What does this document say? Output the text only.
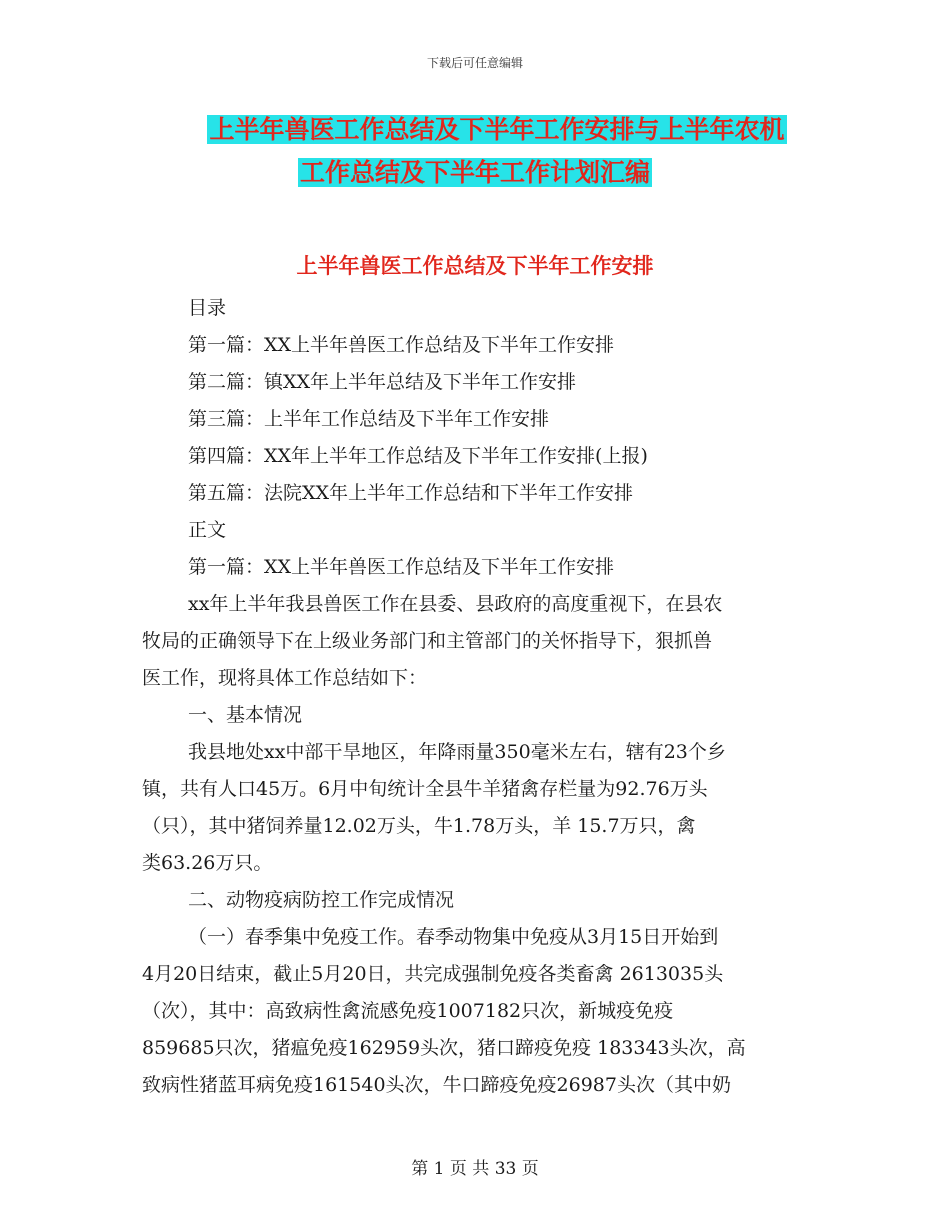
下载后可任意编辑
上半年兽医工作总结及下半年工作安排与上半年农机
工作总结及下半年工作计划汇编
上半年兽医工作总结及下半年工作安排
目录
第一篇：XX上半年兽医工作总结及下半年工作安排
第二篇：镇XX年上半年总结及下半年工作安排
第三篇：上半年工作总结及下半年工作安排
第四篇：XX年上半年工作总结及下半年工作安排(上报)
第五篇：法院XX年上半年工作总结和下半年工作安排
正文
第一篇：XX上半年兽医工作总结及下半年工作安排
xx年上半年我县兽医工作在县委、县政府的高度重视下，在县农
牧局的正确领导下在上级业务部门和主管部门的关怀指导下，狠抓兽
医工作，现将具体工作总结如下：
一、基本情况
我县地处xx中部干旱地区，年降雨量350毫米左右，辖有23个乡
镇，共有人口45万。6月中旬统计全县牛羊猪禽存栏量为92.76万头
（只），其中猪饲养量12.02万头，牛1.78万头，羊 15.7万只，禽
类63.26万只。
二、动物疫病防控工作完成情况
（一）春季集中免疫工作。春季动物集中免疫从3月15日开始到
4月20日结束，截止5月20日，共完成强制免疫各类畜禽 2613035头
（次），其中：高致病性禽流感免疫1007182只次，新城疫免疫
859685只次，猪瘟免疫162959头次，猪口蹄疫免疫 183343头次，高
致病性猪蓝耳病免疫161540头次，牛口蹄疫免疫26987头次（其中奶
第 1 页 共 33 页
